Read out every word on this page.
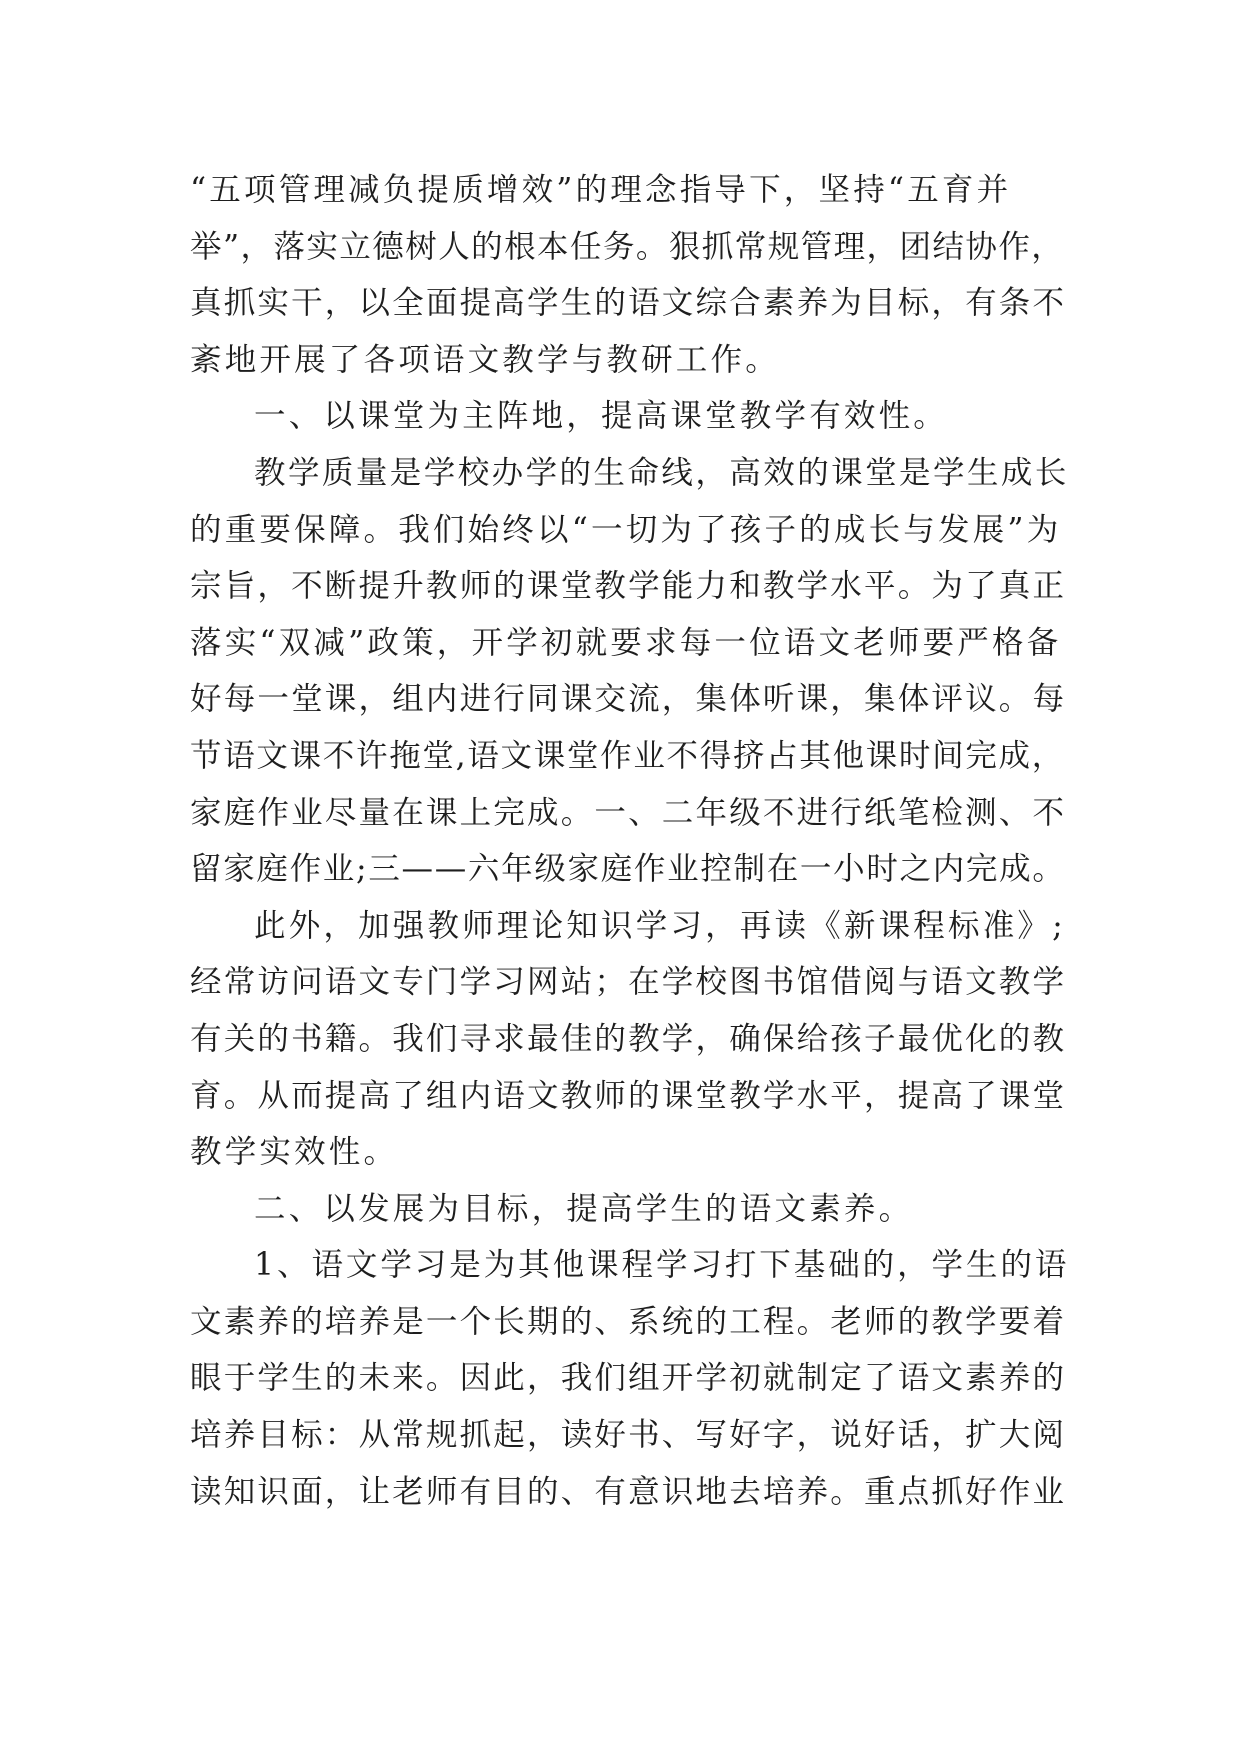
“五项管理减负提质增效”的理念指导下，坚持“五育并
举”，落实立德树人的根本任务。狠抓常规管理，团结协作，
真抓实干，以全面提高学生的语文综合素养为目标，有条不
紊地开展了各项语文教学与教研工作。
一、以课堂为主阵地，提高课堂教学有效性。
教学质量是学校办学的生命线，高效的课堂是学生成长
的重要保障。我们始终以“一切为了孩子的成长与发展”为
宗旨，不断提升教师的课堂教学能力和教学水平。为了真正
落实“双减”政策，开学初就要求每一位语文老师要严格备
好每一堂课，组内进行同课交流，集体听课，集体评议。每
节语文课不许拖堂,语文课堂作业不得挤占其他课时间完成，
家庭作业尽量在课上完成。一、二年级不进行纸笔检测、不
留家庭作业;三——六年级家庭作业控制在一小时之内完成。
此外，加强教师理论知识学习，再读《新课程标准》;
经常访问语文专门学习网站；在学校图书馆借阅与语文教学
有关的书籍。我们寻求最佳的教学，确保给孩子最优化的教
育。从而提高了组内语文教师的课堂教学水平，提高了课堂
教学实效性。
二、以发展为目标，提高学生的语文素养。
1、语文学习是为其他课程学习打下基础的，学生的语
文素养的培养是一个长期的、系统的工程。老师的教学要着
眼于学生的未来。因此，我们组开学初就制定了语文素养的
培养目标：从常规抓起，读好书、写好字，说好话，扩大阅
读知识面，让老师有目的、有意识地去培养。重点抓好作业
